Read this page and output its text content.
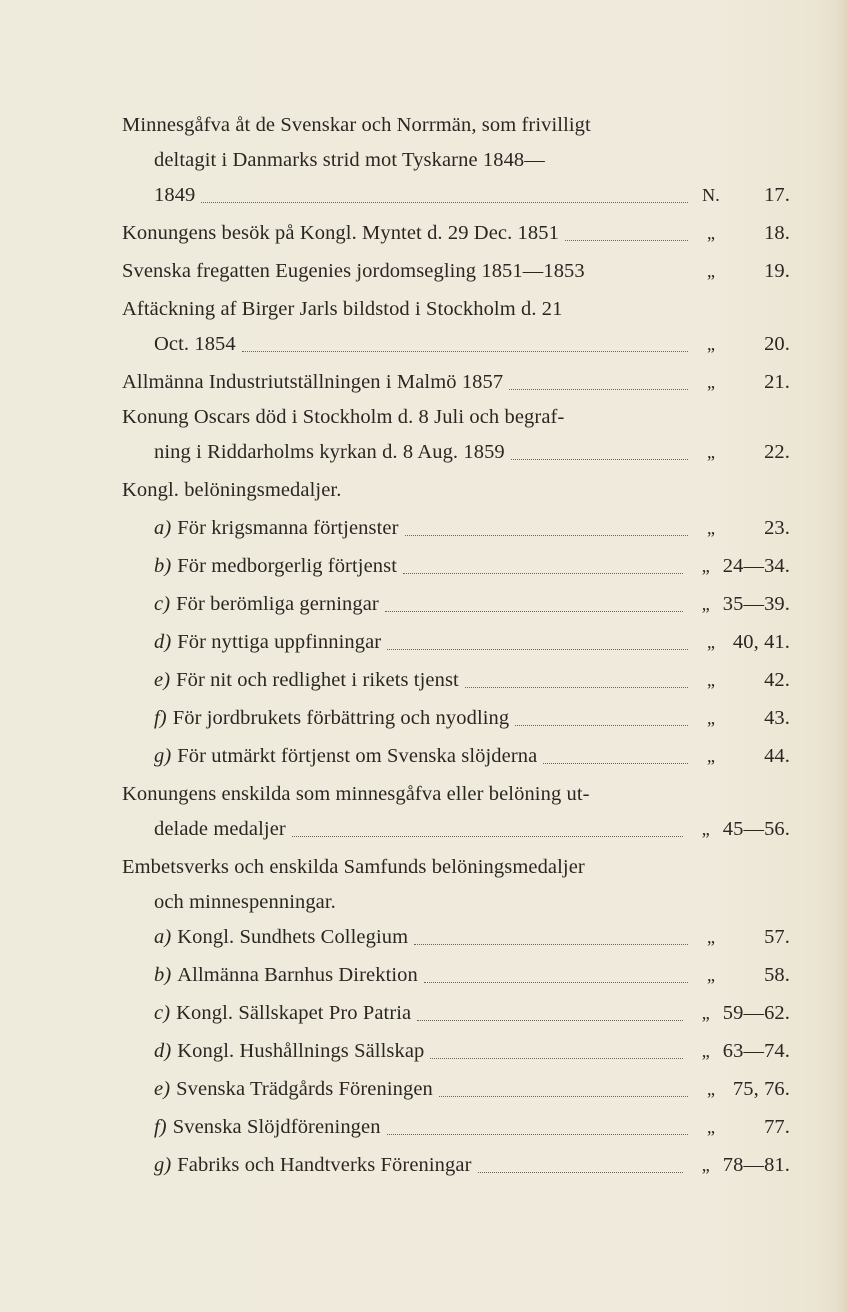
Minnesgåfva åt de Svenskar och Norrmän, som frivilligt
deltagit i Danmarks strid mot Tyskarne 1848—
1849	N.	17.
Konungens besök på Kongl. Myntet d. 29 Dec. 1851	„	18.
Svenska fregatten Eugenies jordomsegling 1851—1853	„	19.
Aftäckning af Birger Jarls bildstod i Stockholm d. 21
Oct. 1854	„	20.
Allmänna Industriutställningen i Malmö 1857	„	21.
Konung Oscars död i Stockholm d. 8 Juli och begraf-
ning i Riddarholms kyrkan d. 8 Aug. 1859	„	22.
Kongl. belöningsmedaljer.
a) För krigsmanna förtjenster	„	23.
b) För medborgerlig förtjenst	„ 24—34.
c) För berömliga gerningar	„ 35—39.
d) För nyttiga uppfinningar	„ 40, 41.
e) För nit och redlighet i rikets tjenst	„	42.
f) För jordbrukets förbättring och nyodling	„	43.
g) För utmärkt förtjenst om Svenska slöjderna	„	44.
Konungens enskilda som minnesgåfva eller belöning ut-
delade medaljer	„ 45—56.
Embetsverks och enskilda Samfunds belöningsmedaljer
och minnespenningar.
a) Kongl. Sundhets Collegium	„	57.
b) Allmänna Barnhus Direktion	„	58.
c) Kongl. Sällskapet Pro Patria	„ 59—62.
d) Kongl. Hushållnings Sällskap	„ 63—74.
e) Svenska Trädgårds Föreningen	„ 75, 76.
f) Svenska Slöjdföreningen	„	77.
g) Fabriks och Handtverks Föreningar	„ 78—81.
